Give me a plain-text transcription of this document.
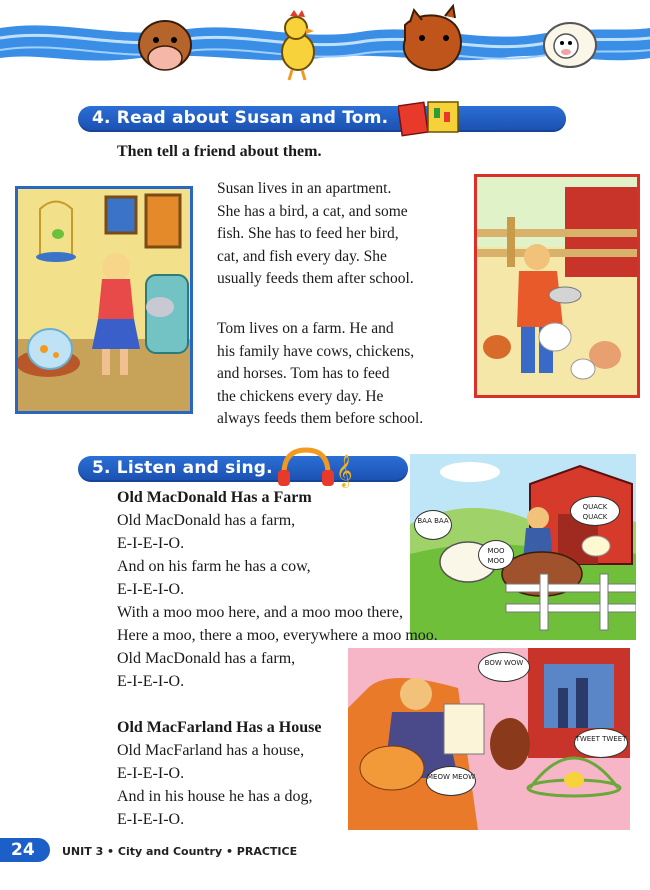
4. Read about Susan and Tom.
Then tell a friend about them.
Susan lives in an apartment.
She has a bird, a cat, and some
fish. She has to feed her bird,
cat, and fish every day. She
usually feeds them after school.
Tom lives on a farm. He and
his family have cows, chickens,
and horses. Tom has to feed
the chickens every day. He
always feeds them before school.
5. Listen and sing. 𝄞
BAA BAA
MOO MOO
QUACK QUACK
Old MacDonald Has a Farm
Old MacDonald has a farm,
E-I-E-I-O.
And on his farm he has a cow,
E-I-E-I-O.
With a moo moo here, and a moo moo there,
Here a moo, there a moo, everywhere a moo moo.
Old MacDonald has a farm,
E-I-E-I-O.
BOW WOW
TWEET TWEET
MEOW MEOW
Old MacFarland Has a House
Old MacFarland has a house,
E-I-E-I-O.
And in his house he has a dog,
E-I-E-I-O.
24 UNIT 3 • City and Country • PRACTICE
